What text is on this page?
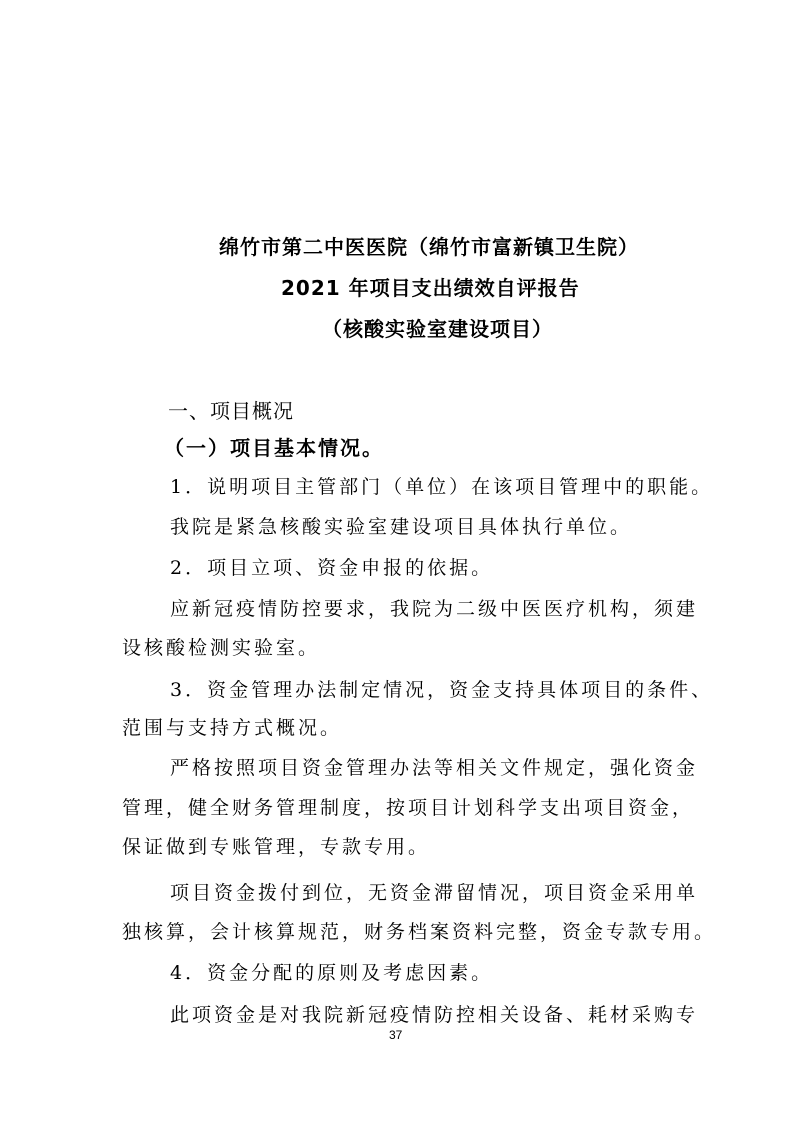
绵竹市第二中医医院（绵竹市富新镇卫生院）
2021 年项目支出绩效自评报告
（核酸实验室建设项目）
一、项目概况
（一）项目基本情况。
1．说明项目主管部门（单位）在该项目管理中的职能。
我院是紧急核酸实验室建设项目具体执行单位。
2．项目立项、资金申报的依据。
应新冠疫情防控要求，我院为二级中医医疗机构，须建
设核酸检测实验室。
3．资金管理办法制定情况，资金支持具体项目的条件、
范围与支持方式概况。
严格按照项目资金管理办法等相关文件规定，强化资金
管理，健全财务管理制度，按项目计划科学支出项目资金，
保证做到专账管理，专款专用。
项目资金拨付到位，无资金滞留情况，项目资金采用单
独核算，会计核算规范，财务档案资料完整，资金专款专用。
4．资金分配的原则及考虑因素。
此项资金是对我院新冠疫情防控相关设备、耗材采购专
37
